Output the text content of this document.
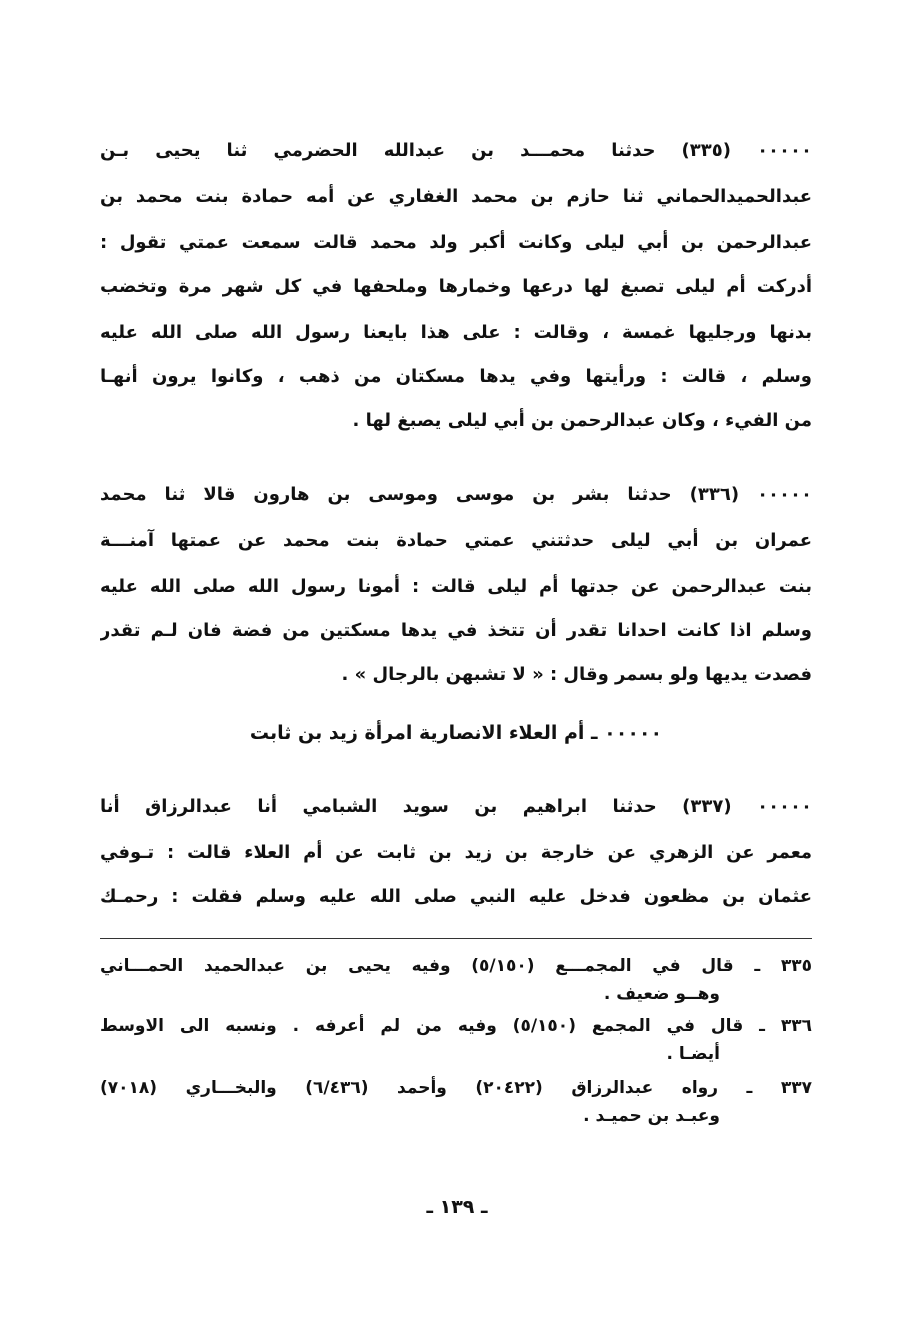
٠٠٠٠٠ (٣٣٥) حدثنا محمـــد بن عبدالله الحضرمي ثنا يحيى بـن
عبدالحميدالحماني ثنا حازم بن محمد الغفاري عن أمه حمادة بنت محمد بن
عبدالرحمن بن أبي ليلى وكانت أكبر ولد محمد قالت سمعت عمتي تقول :
أدركت أم ليلى تصبغ لها درعها وخمارها وملحفها في كل شهر مرة وتخضب
بدنها ورجليها غمسة ، وقالت : على هذا بايعنا رسول الله صلى الله عليه
وسلم ، قالت : ورأيتها وفي يدها مسكتان من ذهب ، وكانوا يرون أنهـا
من الفيء ، وكان عبدالرحمن بن أبي ليلى يصبغ لها .
٠٠٠٠٠ (٣٣٦) حدثنا بشر بن موسى وموسى بن هارون قالا ثنا محمد
عمران بن أبي ليلى حدثتني عمتي حمادة بنت محمد عن عمتها آمنـــة
بنت عبدالرحمن عن جدتها أم ليلى قالت : أمونا رسول الله صلى الله عليه
وسلم اذا كانت احدانا تقدر أن تتخذ في يدها مسكتين من فضة فان لـم تقدر
فصدت يديها ولو بسمر وقال : « لا تشبهن بالرجال » .
٠٠٠٠٠ ـ أم العلاء الانصارية امرأة زيد بن ثابت
٠٠٠٠٠ (٣٣٧) حدثنا ابراهيم بن سويد الشبامي أنا عبدالرزاق أنا
معمر عن الزهري عن خارجة بن زيد بن ثابت عن أم العلاء قالت : تـوفي
عثمان بن مظعون فدخل عليه النبي صلى الله عليه وسلم فقلت : رحمـك
٣٣٥ ـ قال في المجمـــع (٥/١٥٠) وفيه يحيى بن عبدالحميد الحمـــاني
وهــو ضعيف .
٣٣٦ ـ قال في المجمع (٥/١٥٠) وفيه من لم أعرفه . ونسبه الى الاوسط
أيضـا .
٣٣٧ ـ رواه عبدالرزاق (٢٠٤٢٢) وأحمد (٦/٤٣٦) والبخـــاري (٧٠١٨)
وعبـد بن حميـد .
ـ ١٣٩ ـ
